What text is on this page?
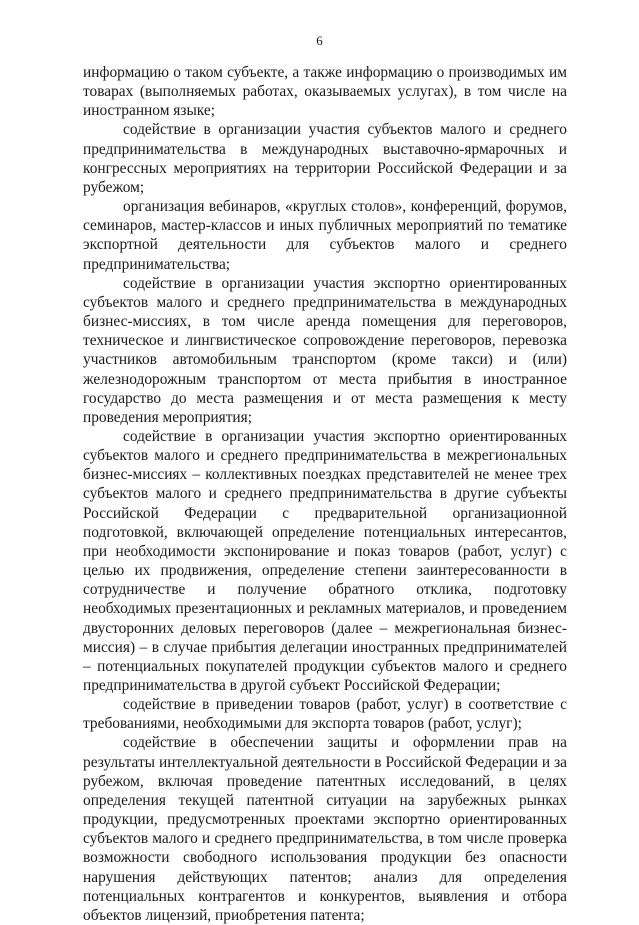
6

информацию о таком субъекте, а также информацию о производимых им товарах (выполняемых работах, оказываемых услугах), в том числе на иностранном языке;

содействие в организации участия субъектов малого и среднего предпринимательства в международных выставочно-ярмарочных и конгрессных мероприятиях на территории Российской Федерации и за рубежом;

организация вебинаров, «круглых столов», конференций, форумов, семинаров, мастер-классов и иных публичных мероприятий по тематике экспортной деятельности для субъектов малого и среднего предпринимательства;

содействие в организации участия экспортно ориентированных субъектов малого и среднего предпринимательства в международных бизнес-миссиях, в том числе аренда помещения для переговоров, техническое и лингвистическое сопровождение переговоров, перевозка участников автомобильным транспортом (кроме такси) и (или) железнодорожным транспортом от места прибытия в иностранное государство до места размещения и от места размещения к месту проведения мероприятия;

содействие в организации участия экспортно ориентированных субъектов малого и среднего предпринимательства в межрегиональных бизнес-миссиях – коллективных поездках представителей не менее трех субъектов малого и среднего предпринимательства в другие субъекты Российской Федерации с предварительной организационной подготовкой, включающей определение потенциальных интересантов, при необходимости экспонирование и показ товаров (работ, услуг) с целью их продвижения, определение степени заинтересованности в сотрудничестве и получение обратного отклика, подготовку необходимых презентационных и рекламных материалов, и проведением двусторонних деловых переговоров (далее – межрегиональная бизнес-миссия) – в случае прибытия делегации иностранных предпринимателей – потенциальных покупателей продукции субъектов малого и среднего предпринимательства в другой субъект Российской Федерации;

содействие в приведении товаров (работ, услуг) в соответствие с требованиями, необходимыми для экспорта товаров (работ, услуг);

содействие в обеспечении защиты и оформлении прав на результаты интеллектуальной деятельности в Российской Федерации и за рубежом, включая проведение патентных исследований, в целях определения текущей патентной ситуации на зарубежных рынках продукции, предусмотренных проектами экспортно ориентированных субъектов малого и среднего предпринимательства, в том числе проверка возможности свободного использования продукции без опасности нарушения действующих патентов; анализ для определения потенциальных контрагентов и конкурентов, выявления и отбора объектов лицензий, приобретения патента;
